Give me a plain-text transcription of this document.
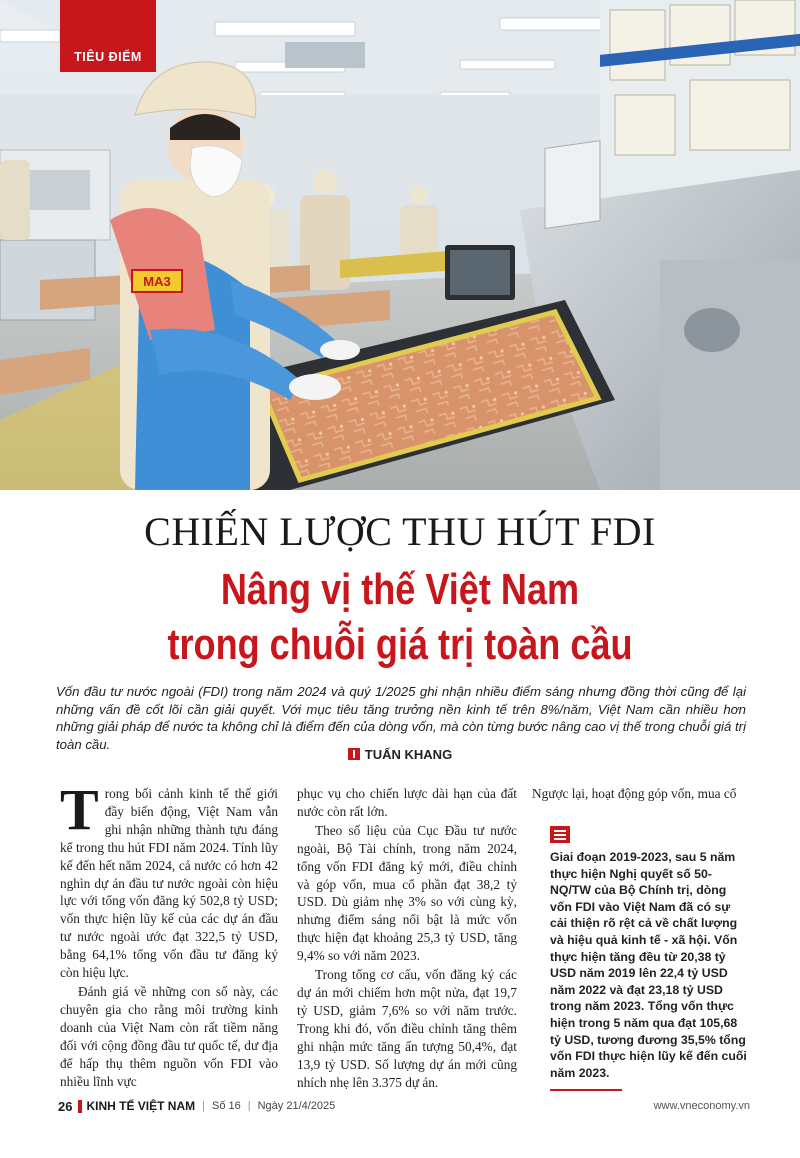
MA3
TIÊU ĐIỂM
CHIẾN LƯỢC THU HÚT FDI
Nâng vị thế Việt Nam
trong chuỗi giá trị toàn cầu
Vốn đầu tư nước ngoài (FDI) trong năm 2024 và quý 1/2025 ghi nhận nhiều điểm sáng nhưng đồng thời cũng để lại những vấn đề cốt lõi cần giải quyết. Với mục tiêu tăng trưởng nền kinh tế trên 8%/năm, Việt Nam cần nhiều hơn những giải pháp để nước ta không chỉ là điểm đến của dòng vốn, mà còn từng bước nâng cao vị thế trong chuỗi giá trị toàn cầu.
TUẤN KHANG

Trong bối cảnh kinh tế thế giới đầy biến động, Việt Nam vẫn ghi nhận những thành tựu đáng kể trong thu hút FDI năm 2024. Tính lũy kế đến hết năm 2024, cả nước có hơn 42 nghìn dự án đầu tư nước ngoài còn hiệu lực với tổng vốn đăng ký 502,8 tỷ USD; vốn thực hiện lũy kế của các dự án đầu tư nước ngoài ước đạt 322,5 tỷ USD, bằng 64,1% tổng vốn đầu tư đăng ký còn hiệu lực.

Đánh giá về những con số này, các chuyên gia cho rằng môi trường kinh doanh của Việt Nam còn rất tiềm năng đối với cộng đồng đầu tư quốc tế, dư địa để hấp thụ thêm nguồn vốn FDI vào nhiều lĩnh vực

phục vụ cho chiến lược dài hạn của đất nước còn rất lớn.

Theo số liệu của Cục Đầu tư nước ngoài, Bộ Tài chính, trong năm 2024, tổng vốn FDI đăng ký mới, điều chỉnh và góp vốn, mua cổ phần đạt 38,2 tỷ USD. Dù giảm nhẹ 3% so với cùng kỳ, nhưng điểm sáng nổi bật là mức vốn thực hiện đạt khoảng 25,3 tỷ USD, tăng 9,4% so với năm 2023.

Trong tổng cơ cấu, vốn đăng ký các dự án mới chiếm hơn một nửa, đạt 19,7 tỷ USD, giảm 7,6% so với năm trước. Trong khi đó, vốn điều chỉnh tăng thêm ghi nhận mức tăng ấn tượng 50,4%, đạt 13,9 tỷ USD. Số lượng dự án mới cũng nhích nhẹ lên 3.375 dự án.

Ngược lại, hoạt động góp vốn, mua cổ

Giai đoạn 2019-2023, sau 5 năm thực hiện Nghị quyết số 50-NQ/TW của Bộ Chính trị, dòng vốn FDI vào Việt Nam đã có sự cải thiện rõ rệt cả về chất lượng và hiệu quả kinh tế - xã hội. Vốn thực hiện tăng đều từ 20,38 tỷ USD năm 2019 lên 22,4 tỷ USD năm 2022 và đạt 23,18 tỷ USD trong năm 2023. Tổng vốn thực hiện trong 5 năm qua đạt 105,68 tỷ USD, tương đương 35,5% tổng vốn FDI thực hiện lũy kế đến cuối năm 2023.
26 KINH TẾ VIỆT NAM | Số 16 | Ngày 21/4/2025	www.vneconomy.vn
